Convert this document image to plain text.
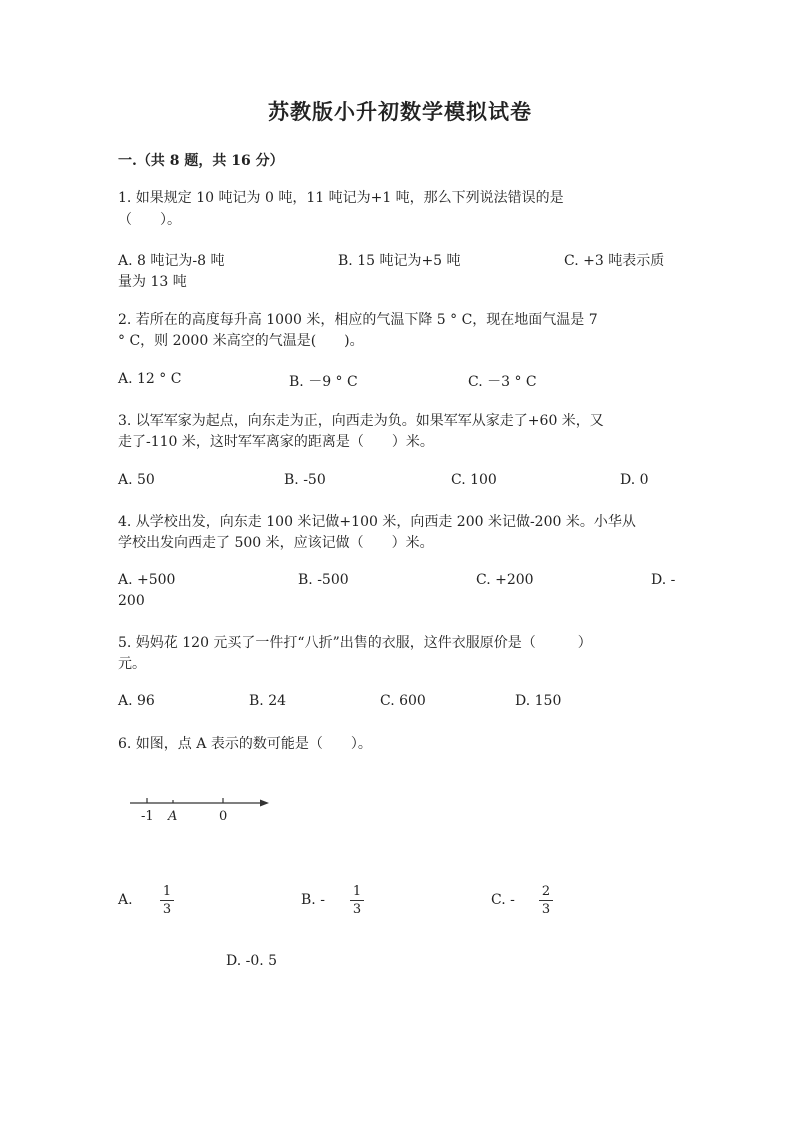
苏教版小升初数学模拟试卷
一.（共 8 题，共 16 分）
1. 如果规定 10 吨记为 0 吨，11 吨记为+1 吨，那么下列说法错误的是
（　　）。
A. 8 吨记为-8 吨	B. 15 吨记为+5 吨	C. +3 吨表示质
量为 13 吨
2. 若所在的高度每升高 1000 米，相应的气温下降 5 ° C，现在地面气温是 7
° C，则 2000 米高空的气温是(　　)。
A. 12 ° C	B. －9 ° C	C. －3 ° C
3. 以军军家为起点，向东走为正，向西走为负。如果军军从家走了+60 米，又
走了-110 米，这时军军离家的距离是（　　）米。
A. 50	B. -50	C. 100	D. 0
4. 从学校出发，向东走 100 米记做+100 米，向西走 200 米记做-200 米。小华从
学校出发向西走了 500 米，应该记做（　　）米。
A. +500	B. -500	C. +200	D. -
200
5. 妈妈花 120 元买了一件打“八折”出售的衣服，这件衣服原价是（　　　）
元。
A. 96	B. 24	C. 600	D. 150
6. 如图，点 A 表示的数可能是（　　）。
-1 A	0
A.
1
3
B. -
1
3
C. -
2
3
D. -0. 5
